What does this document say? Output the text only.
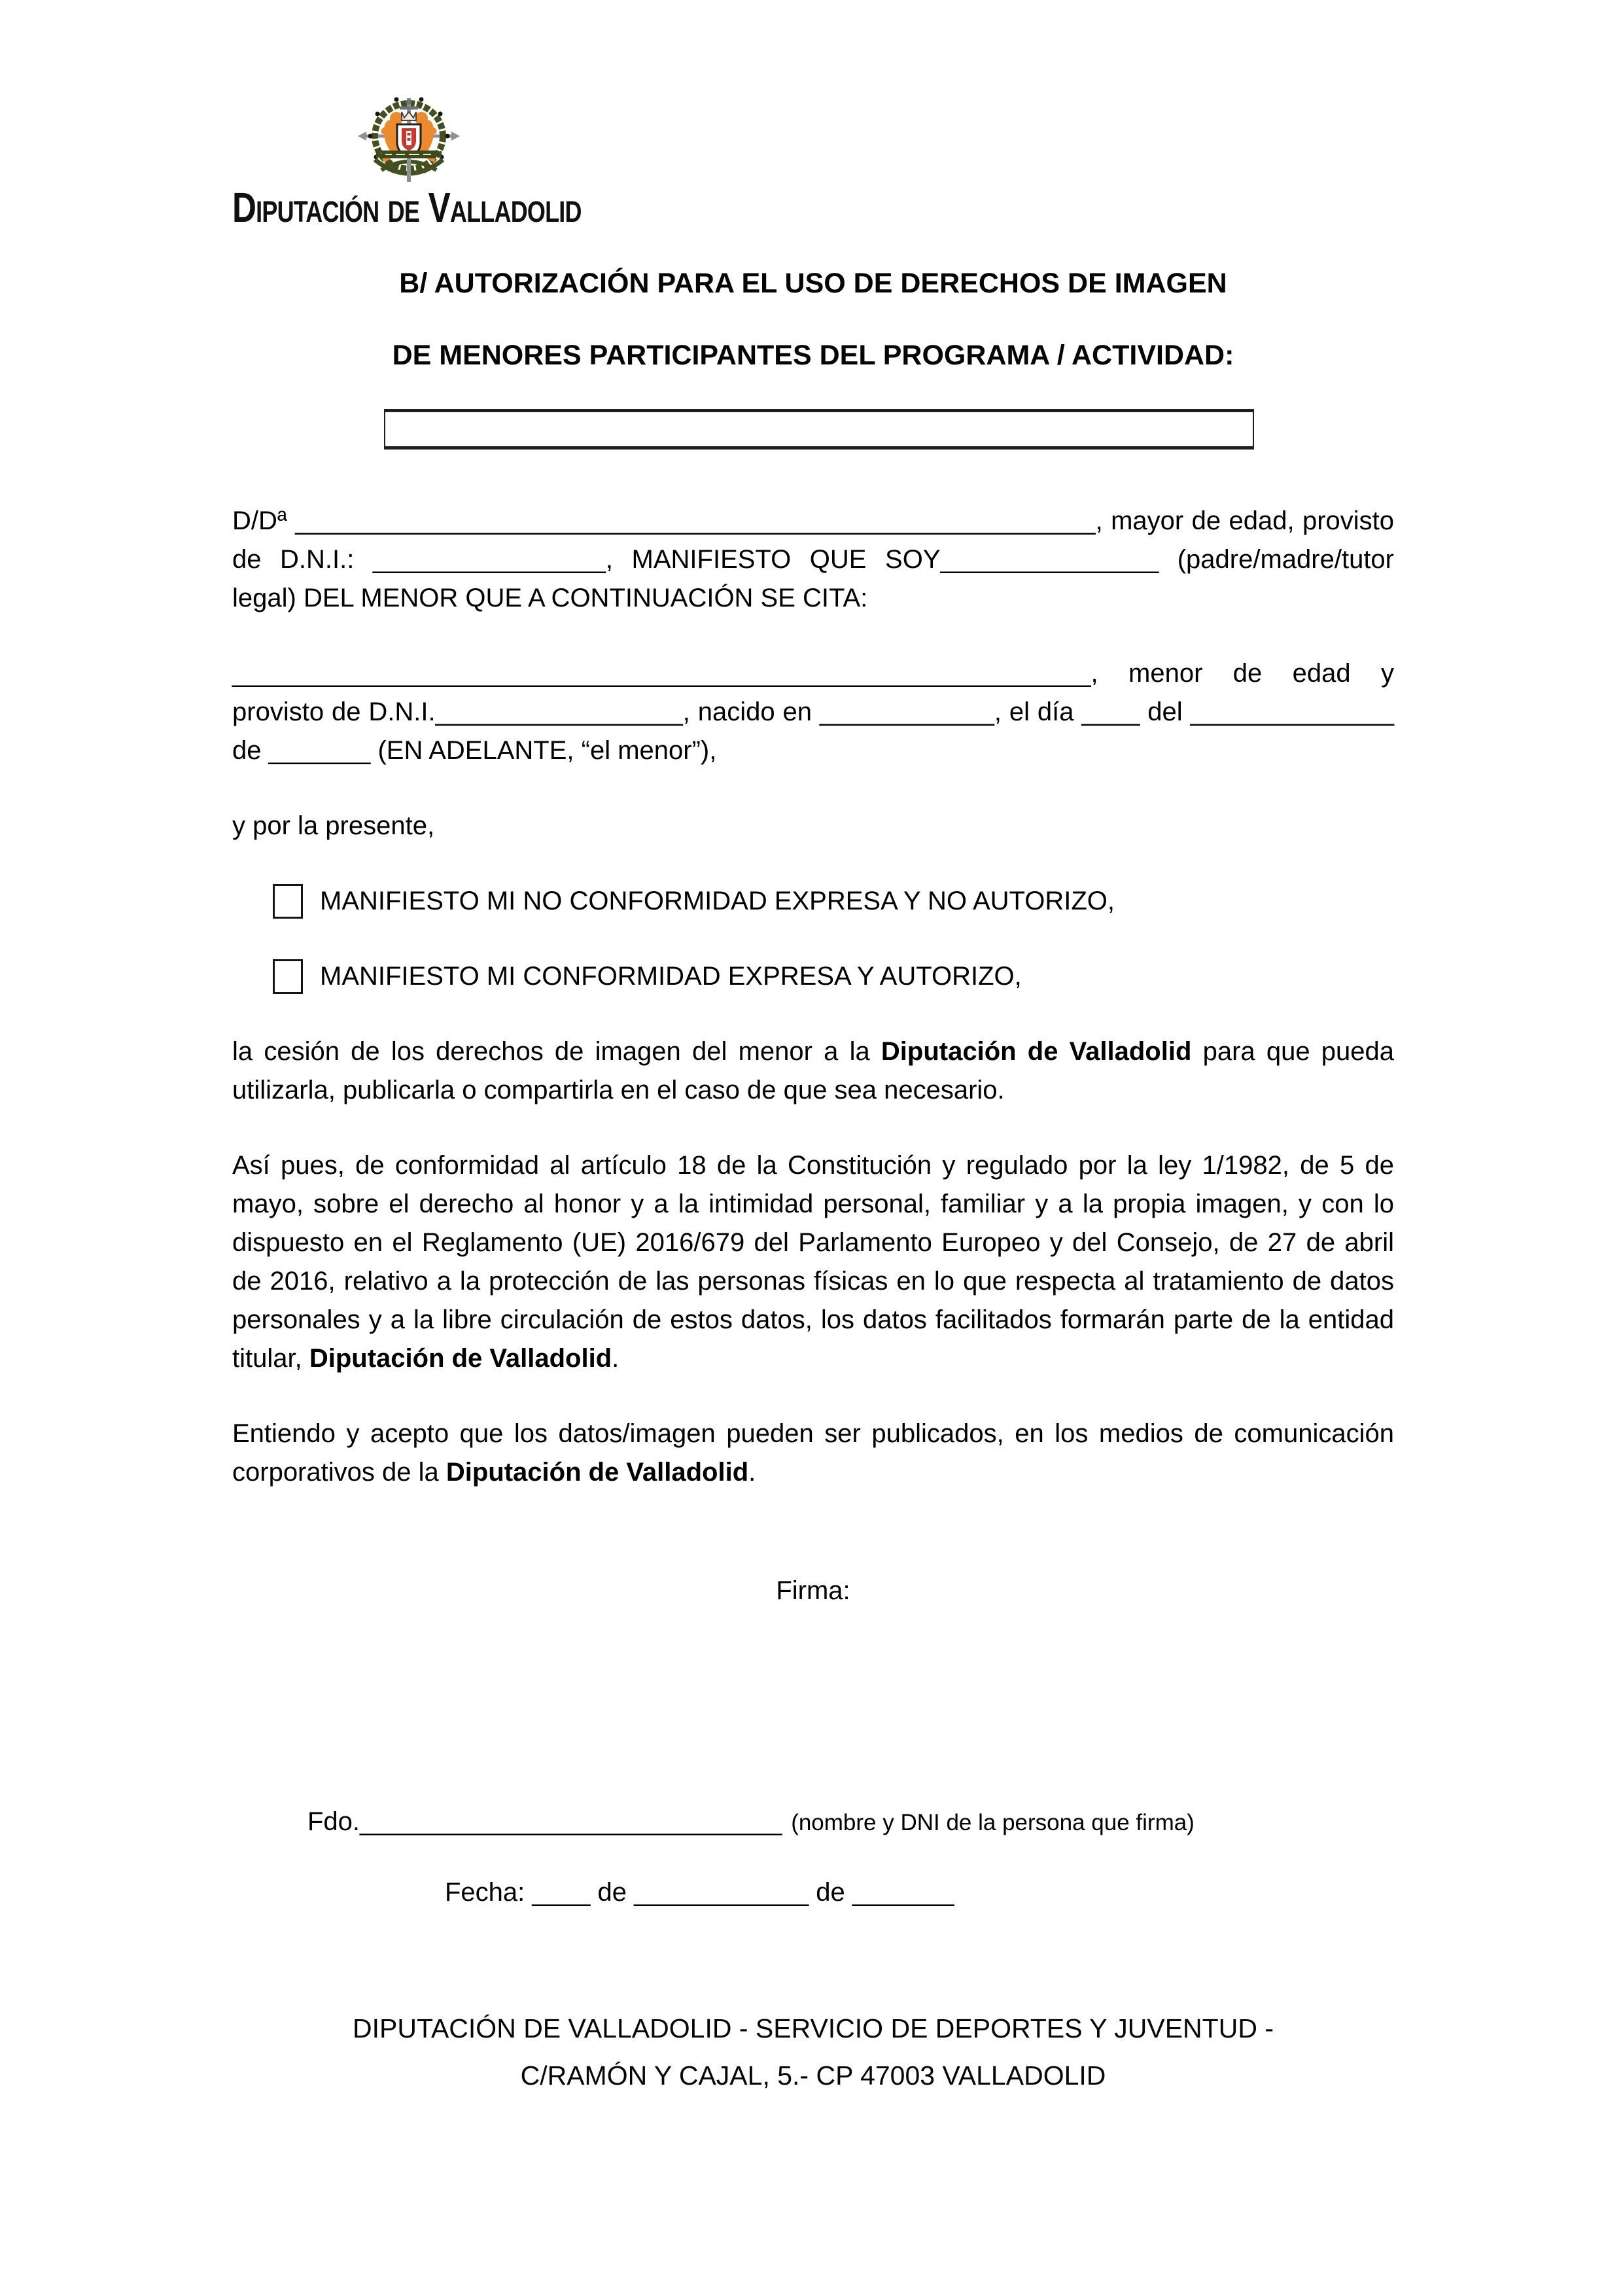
Diputación de Valladolid
B/ AUTORIZACIÓN PARA EL USO DE DERECHOS DE IMAGEN
DE MENORES PARTICIPANTES DEL PROGRAMA / ACTIVIDAD:

D/Dª _______________________________________________________, mayor de edad, provisto de D.N.I.: ________________, MANIFIESTO QUE SOY_______________ (padre/madre/tutor legal) DEL MENOR QUE A CONTINUACIÓN SE CITA:

___________________________________________________________, menor de edad y provisto de D.N.I._________________, nacido en ____________, el día ____ del ______________ de _______ (EN ADELANTE, “el menor”),

y por la presente,

MANIFIESTO MI NO CONFORMIDAD EXPRESA Y NO AUTORIZO,
MANIFIESTO MI CONFORMIDAD EXPRESA Y AUTORIZO,

la cesión de los derechos de imagen del menor a la Diputación de Valladolid para que pueda utilizarla, publicarla o compartirla en el caso de que sea necesario.

Así pues, de conformidad al artículo 18 de la Constitución y regulado por la ley 1/1982, de 5 de mayo, sobre el derecho al honor y a la intimidad personal, familiar y a la propia imagen, y con lo dispuesto en el Reglamento (UE) 2016/679 del Parlamento Europeo y del Consejo, de 27 de abril de 2016, relativo a la protección de las personas físicas en lo que respecta al tratamiento de datos personales y a la libre circulación de estos datos, los datos facilitados formarán parte de la entidad titular, Diputación de Valladolid.

Entiendo y acepto que los datos/imagen pueden ser publicados, en los medios de comunicación corporativos de la Diputación de Valladolid.

Firma:
Fdo._____________________________ (nombre y DNI de la persona que firma)
Fecha: ____ de ____________ de _______
DIPUTACIÓN DE VALLADOLID - SERVICIO DE DEPORTES Y JUVENTUD -
C/RAMÓN Y CAJAL, 5.- CP 47003 VALLADOLID
